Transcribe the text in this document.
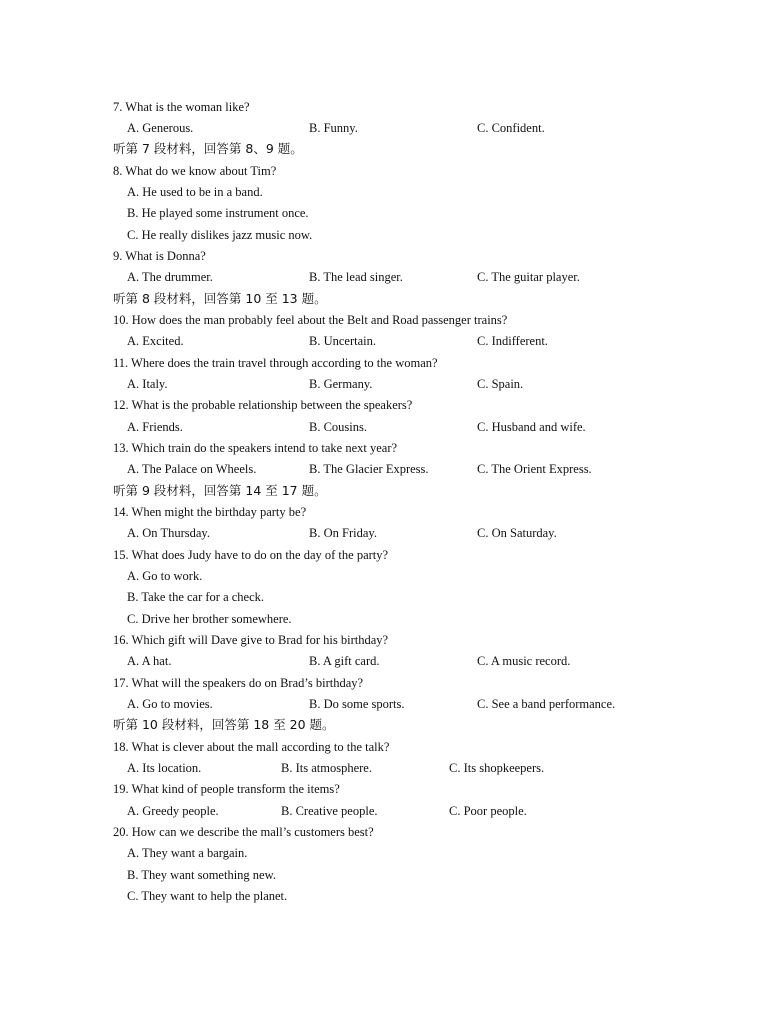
7. What is the woman like?
A. Generous.	B. Funny.	C. Confident.
听第 7 段材料，回答第 8、9 题。
8. What do we know about Tim?
A. He used to be in a band.
B. He played some instrument once.
C. He really dislikes jazz music now.
9. What is Donna?
A. The drummer.	B. The lead singer.	C. The guitar player.
听第 8 段材料，回答第 10 至 13 题。
10. How does the man probably feel about the Belt and Road passenger trains?
A. Excited.	B. Uncertain.	C. Indifferent.
11. Where does the train travel through according to the woman?
A. Italy.	B. Germany.	C. Spain.
12. What is the probable relationship between the speakers?
A. Friends.	B. Cousins.	C. Husband and wife.
13. Which train do the speakers intend to take next year?
A. The Palace on Wheels.	B. The Glacier Express.	C. The Orient Express.
听第 9 段材料，回答第 14 至 17 题。
14. When might the birthday party be?
A. On Thursday.	B. On Friday.	C. On Saturday.
15. What does Judy have to do on the day of the party?
A. Go to work.
B. Take the car for a check.
C. Drive her brother somewhere.
16. Which gift will Dave give to Brad for his birthday?
A. A hat.	B. A gift card.	C. A music record.
17. What will the speakers do on Brad’s birthday?
A. Go to movies.	B. Do some sports.	C. See a band performance.
听第 10 段材料，回答第 18 至 20 题。
18. What is clever about the mall according to the talk?
A. Its location.	B. Its atmosphere.	C. Its shopkeepers.
19. What kind of people transform the items?
A. Greedy people.	B. Creative people.	C. Poor people.
20. How can we describe the mall’s customers best?
A. They want a bargain.
B. They want something new.
C. They want to help the planet.
